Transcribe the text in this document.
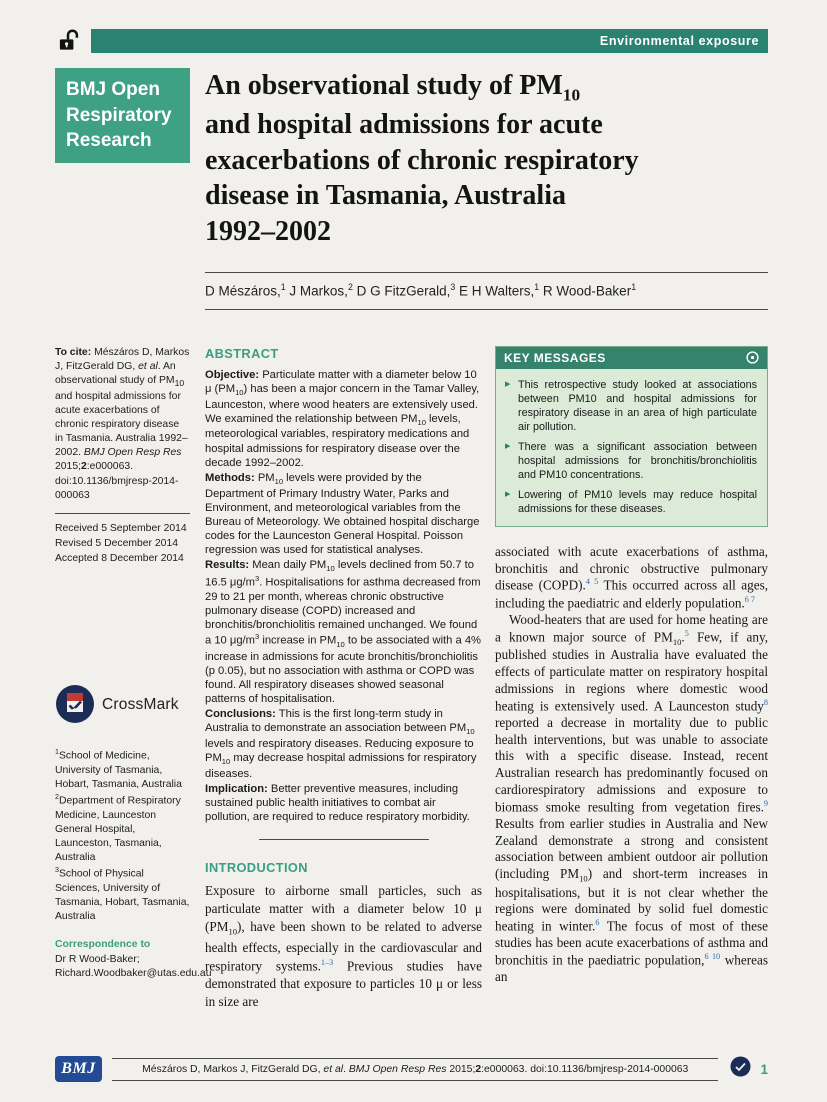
Environmental exposure
BMJ Open
Respiratory
Research
An observational study of $PM_{10}$
and hospital admissions for acute
exacerbations of chronic respiratory
disease in Tasmania, Australia
1992–2002
D Mészáros,$^1$ J Markos,$^2$ D G FitzGerald,$^3$ E H Walters,$^1$ R Wood-Baker$^1$

To cite: Mészáros D, Markos J, FitzGerald DG, et al. An observational study of $PM_{10}$ and hospital admissions for acute exacerbations of chronic respiratory disease in Tasmania. Australia 1992–2002. BMJ Open Resp Res 2015;2:e000063. doi:10.1136/bmjresp-2014-000063

Received 5 September 2014
Revised 5 December 2014
Accepted 8 December 2014
CrossMark

$^1$School of Medicine, University of Tasmania, Hobart, Tasmania, Australia

$^2$Department of Respiratory Medicine, Launceston General Hospital, Launceston, Tasmania, Australia

$^3$School of Physical Sciences, University of Tasmania, Hobart, Tasmania, Australia

Correspondence to
Dr R Wood-Baker;
Richard.Woodbaker@utas.edu.au
ABSTRACT

Objective: Particulate matter with a diameter below 10 μ $(PM_{10})$ has been a major concern in the Tamar Valley, Launceston, where wood heaters are extensively used. We examined the relationship between $PM_{10}$ levels, meteorological variables, respiratory medications and hospital admissions for respiratory disease over the decade 1992–2002.

Methods: $PM_{10}$ levels were provided by the Department of Primary Industry Water, Parks and Environment, and meteorological variables from the Bureau of Meteorology. We obtained hospital discharge codes for the Launceston General Hospital. Poisson regression was used for statistical analyses.

Results: Mean daily $PM_{10}$ levels declined from 50.7 to 16.5 $\mu g/m^3$. Hospitalisations for asthma decreased from 29 to 21 per month, whereas chronic obstructive pulmonary disease (COPD) increased and bronchitis/bronchiolitis remained unchanged. We found a 10 $\mu g/m^3$ increase in $PM_{10}$ to be associated with a 4% increase in admissions for acute bronchitis/bronchiolitis (p 0.05), but no association with asthma or COPD was found. All respiratory diseases showed seasonal patterns of hospitalisation.

Conclusions: This is the first long-term study in Australia to demonstrate an association between $PM_{10}$ levels and respiratory diseases. Reducing exposure to $PM_{10}$ may decrease hospital admissions for respiratory diseases.

Implication: Better preventive measures, including sustained public health initiatives to combat air pollution, are required to reduce respiratory morbidity.

INTRODUCTION

Exposure to airborne small particles, such as particulate matter with a diameter below 10 μ $(PM_{10})$, have been shown to be related to adverse health effects, especially in the cardiovascular and respiratory systems.$^{1-3}$ Previous studies have demonstrated that exposure to particles 10 μ or less in size are

KEY MESSAGES
▸ This retrospective study looked at associations between PM10 and hospital admissions for respiratory disease in an area of high particulate air pollution.
▸ There was a significant association between hospital admissions for bronchitis/bronchiolitis and PM10 concentrations.
▸ Lowering of PM10 levels may reduce hospital admissions for these diseases.

associated with acute exacerbations of asthma, bronchitis and chronic obstructive pulmonary disease (COPD).$^{4 5}$ This occurred across all ages, including the paediatric and elderly population.$^{6 7}$

Wood-heaters that are used for home heating are a known major source of $PM_{10}.^5$ Few, if any, published studies in Australia have evaluated the effects of particulate matter on respiratory hospital admissions in regions where domestic wood heating is extensively used. A Launceston study$^8$ reported a decrease in mortality due to public health interventions, but was unable to associate this with a specific disease. Instead, recent Australian research has predominantly focused on cardiorespiratory admissions and exposure to biomass smoke resulting from vegetation fires.$^9$ Results from earlier studies in Australia and New Zealand demonstrate a strong and consistent association between ambient outdoor air pollution (including $PM_{10}$) and short-term increases in hospitalisations, but it is not clear whether the regions were dominated by solid fuel domestic heating in winter.$^6$ The focus of most of these studies has been acute exacerbations of asthma and bronchitis in the paediatric population,$^{6 10}$ whereas an

BMJ	Mészáros D, Markos J, FitzGerald DG, et al. BMJ Open Resp Res 2015;2:e000063. doi:10.1136/bmjresp-2014-000063	1
